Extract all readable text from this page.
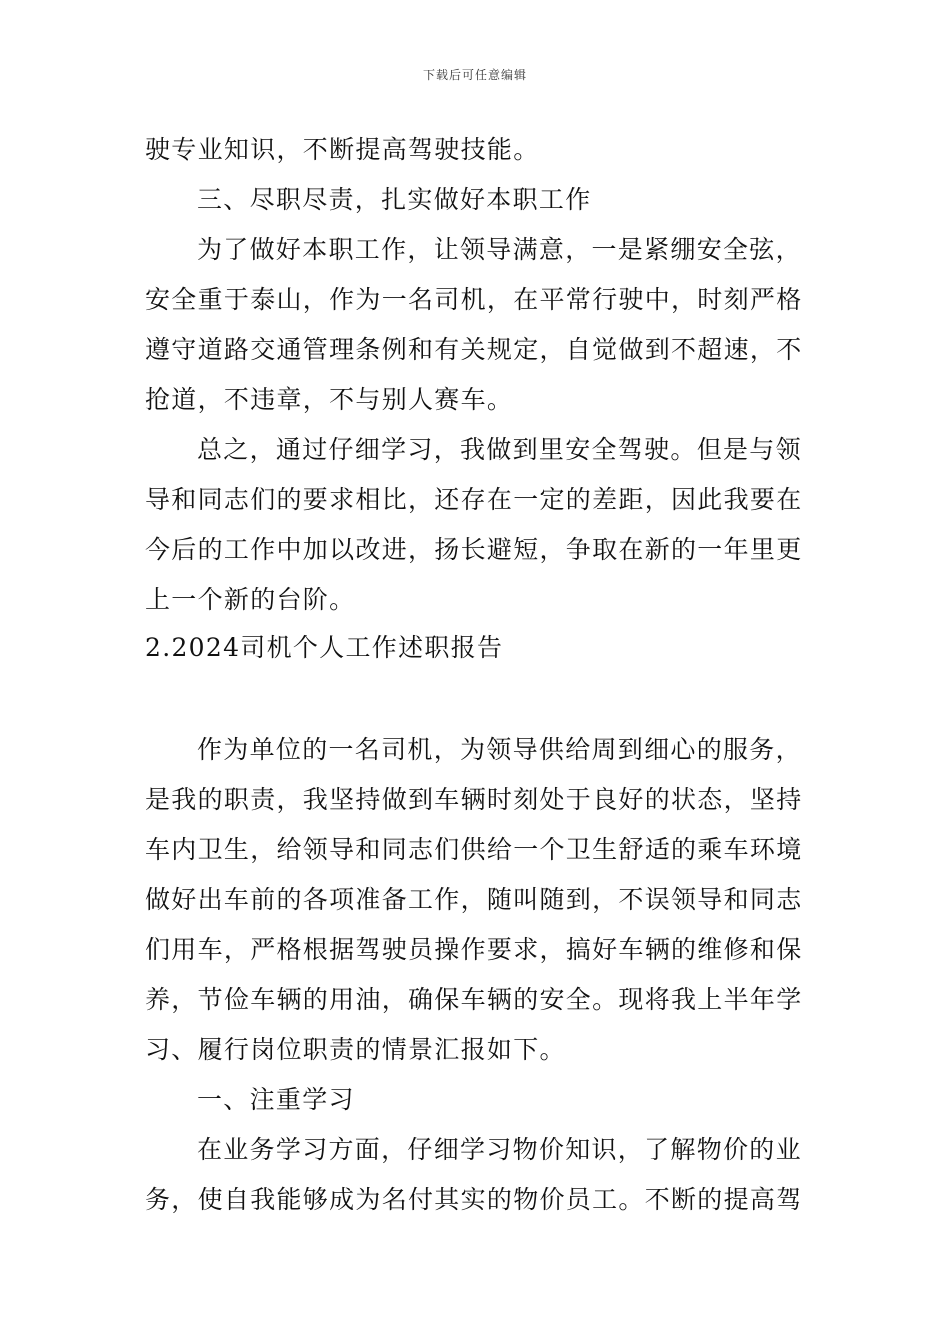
下载后可任意编辑
驶专业知识，不断提高驾驶技能。
三、尽职尽责，扎实做好本职工作
为了做好本职工作，让领导满意，一是紧绷安全弦，
安全重于泰山，作为一名司机，在平常行驶中，时刻严格
遵守道路交通管理条例和有关规定，自觉做到不超速，不
抢道，不违章，不与别人赛车。
总之，通过仔细学习，我做到里安全驾驶。但是与领
导和同志们的要求相比，还存在一定的差距，因此我要在
今后的工作中加以改进，扬长避短，争取在新的一年里更
上一个新的台阶。
2.2024司机个人工作述职报告
作为单位的一名司机，为领导供给周到细心的服务，
是我的职责，我坚持做到车辆时刻处于良好的状态，坚持
车内卫生，给领导和同志们供给一个卫生舒适的乘车环境
做好出车前的各项准备工作，随叫随到，不误领导和同志
们用车，严格根据驾驶员操作要求，搞好车辆的维修和保
养，节俭车辆的用油，确保车辆的安全。现将我上半年学
习、履行岗位职责的情景汇报如下。
一、注重学习
在业务学习方面，仔细学习物价知识，了解物价的业
务，使自我能够成为名付其实的物价员工。不断的提高驾
